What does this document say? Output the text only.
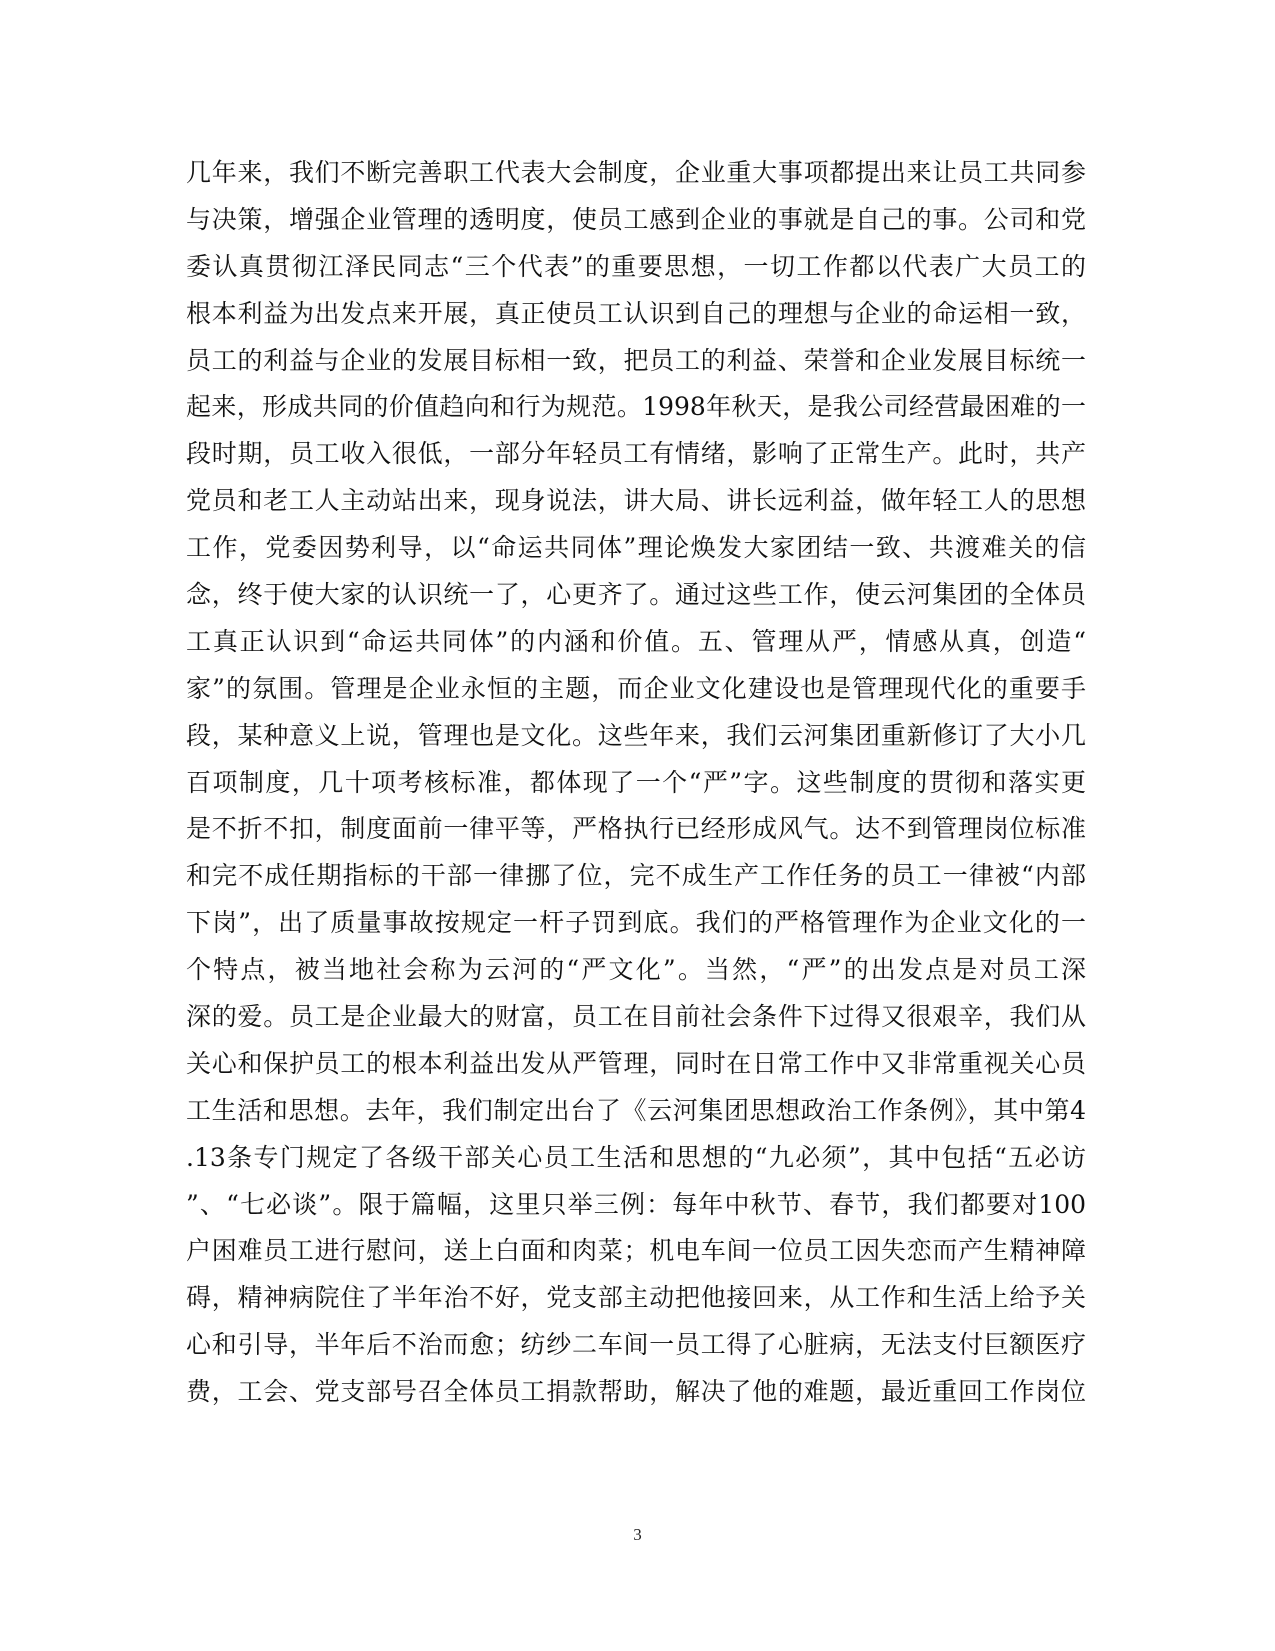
几年来，我们不断完善职工代表大会制度，企业重大事项都提出来让员工共同参
与决策，增强企业管理的透明度，使员工感到企业的事就是自己的事。公司和党
委认真贯彻江泽民同志“三个代表”的重要思想，一切工作都以代表广大员工的
根本利益为出发点来开展，真正使员工认识到自己的理想与企业的命运相一致，
员工的利益与企业的发展目标相一致，把员工的利益、荣誉和企业发展目标统一
起来，形成共同的价值趋向和行为规范。1998年秋天，是我公司经营最困难的一
段时期，员工收入很低，一部分年轻员工有情绪，影响了正常生产。此时，共产
党员和老工人主动站出来，现身说法，讲大局、讲长远利益，做年轻工人的思想
工作，党委因势利导，以“命运共同体”理论焕发大家团结一致、共渡难关的信
念，终于使大家的认识统一了，心更齐了。通过这些工作，使云河集团的全体员
工真正认识到“命运共同体”的内涵和价值。五、管理从严，情感从真，创造“
家”的氛围。管理是企业永恒的主题，而企业文化建设也是管理现代化的重要手
段，某种意义上说，管理也是文化。这些年来，我们云河集团重新修订了大小几
百项制度，几十项考核标准，都体现了一个“严”字。这些制度的贯彻和落实更
是不折不扣，制度面前一律平等，严格执行已经形成风气。达不到管理岗位标准
和完不成任期指标的干部一律挪了位，完不成生产工作任务的员工一律被“内部
下岗”，出了质量事故按规定一杆子罚到底。我们的严格管理作为企业文化的一
个特点，被当地社会称为云河的“严文化”。当然，“严”的出发点是对员工深
深的爱。员工是企业最大的财富，员工在目前社会条件下过得又很艰辛，我们从
关心和保护员工的根本利益出发从严管理，同时在日常工作中又非常重视关心员
工生活和思想。去年，我们制定出台了《云河集团思想政治工作条例》，其中第4
.13条专门规定了各级干部关心员工生活和思想的“九必须”，其中包括“五必访
”、“七必谈”。限于篇幅，这里只举三例：每年中秋节、春节，我们都要对100
户困难员工进行慰问，送上白面和肉菜；机电车间一位员工因失恋而产生精神障
碍，精神病院住了半年治不好，党支部主动把他接回来，从工作和生活上给予关
心和引导，半年后不治而愈；纺纱二车间一员工得了心脏病，无法支付巨额医疗
费，工会、党支部号召全体员工捐款帮助，解决了他的难题，最近重回工作岗位
3
